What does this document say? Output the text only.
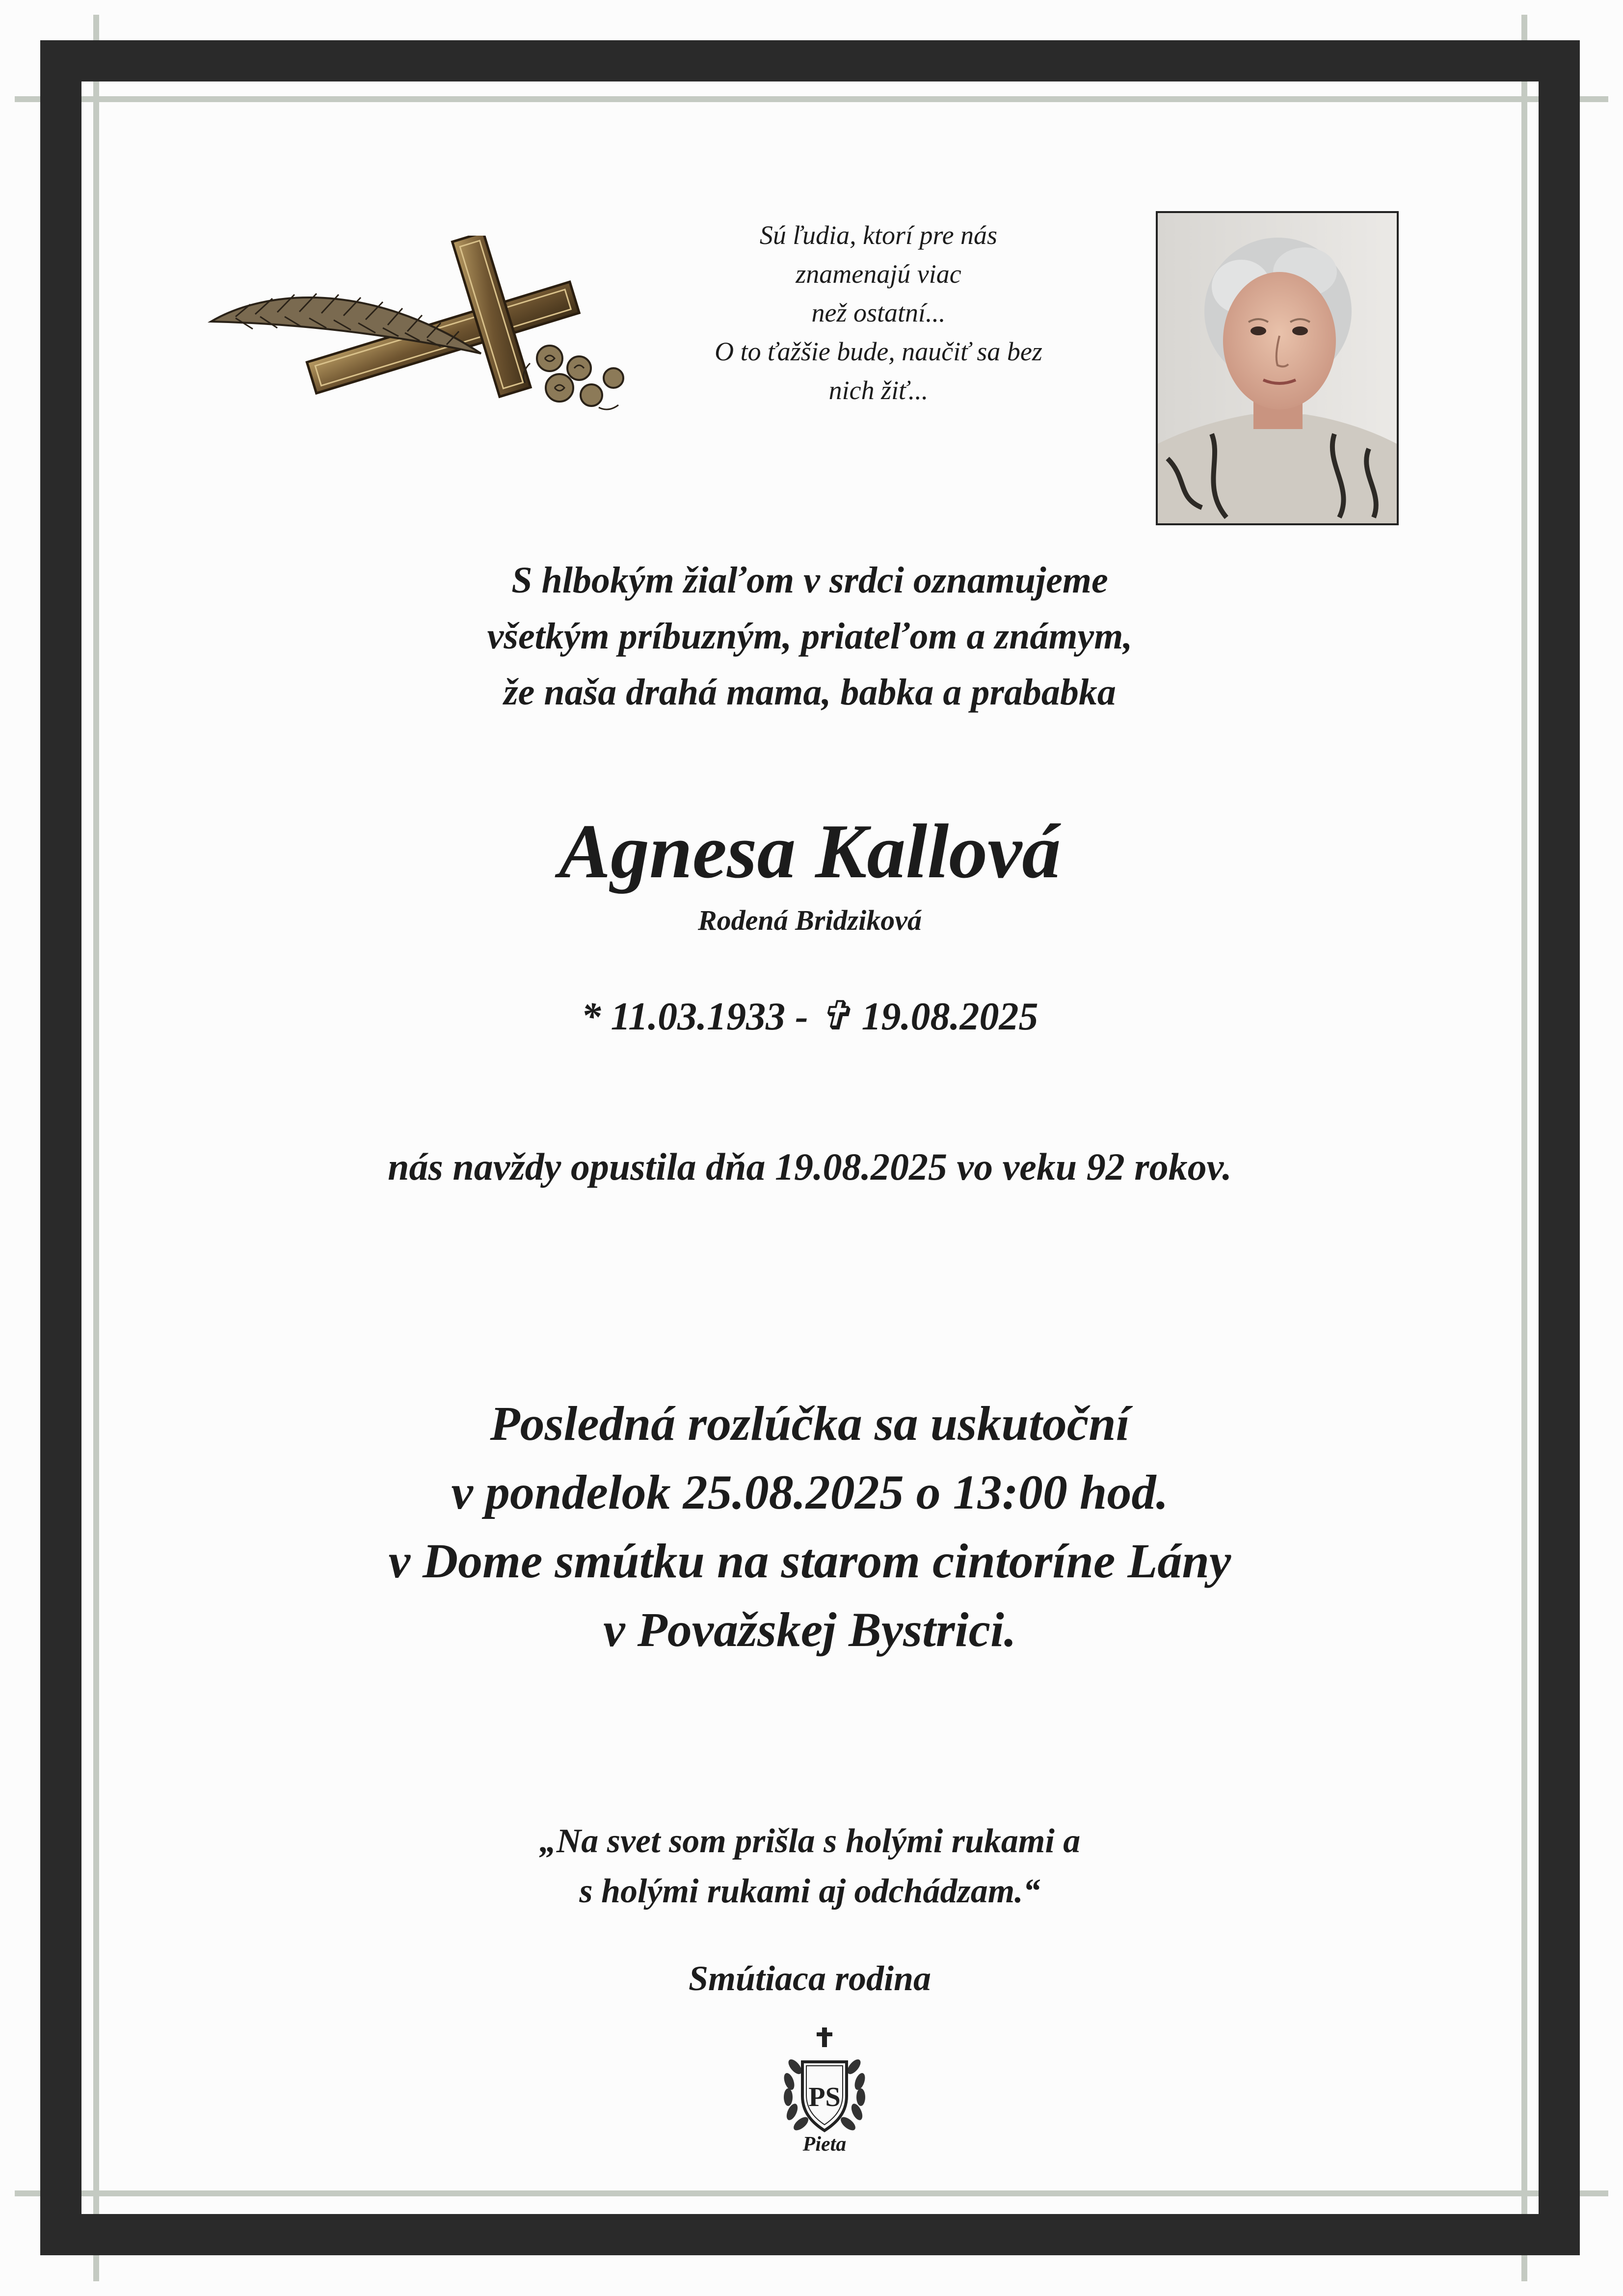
Sú ľudia, ktorí pre nás
znamenajú viac
než ostatní...
O to ťažšie bude, naučiť sa bez
nich žiť...
S hlbokým žiaľom v srdci oznamujeme
všetkým príbuzným, priateľom a známym,
že naša drahá mama, babka a prababka
Agnesa Kallová
Rodená Bridziková
* 11.03.1933 - ✞ 19.08.2025
nás navždy opustila dňa 19.08.2025 vo veku 92 rokov.
Posledná rozlúčka sa uskutoční
v pondelok 25.08.2025 o 13:00 hod.
v Dome smútku na starom cintoríne Lány
v Považskej Bystrici.
„Na svet som prišla s holými rukami a
s holými rukami aj odchádzam.“
Smútiaca rodina
PS
Pieta
